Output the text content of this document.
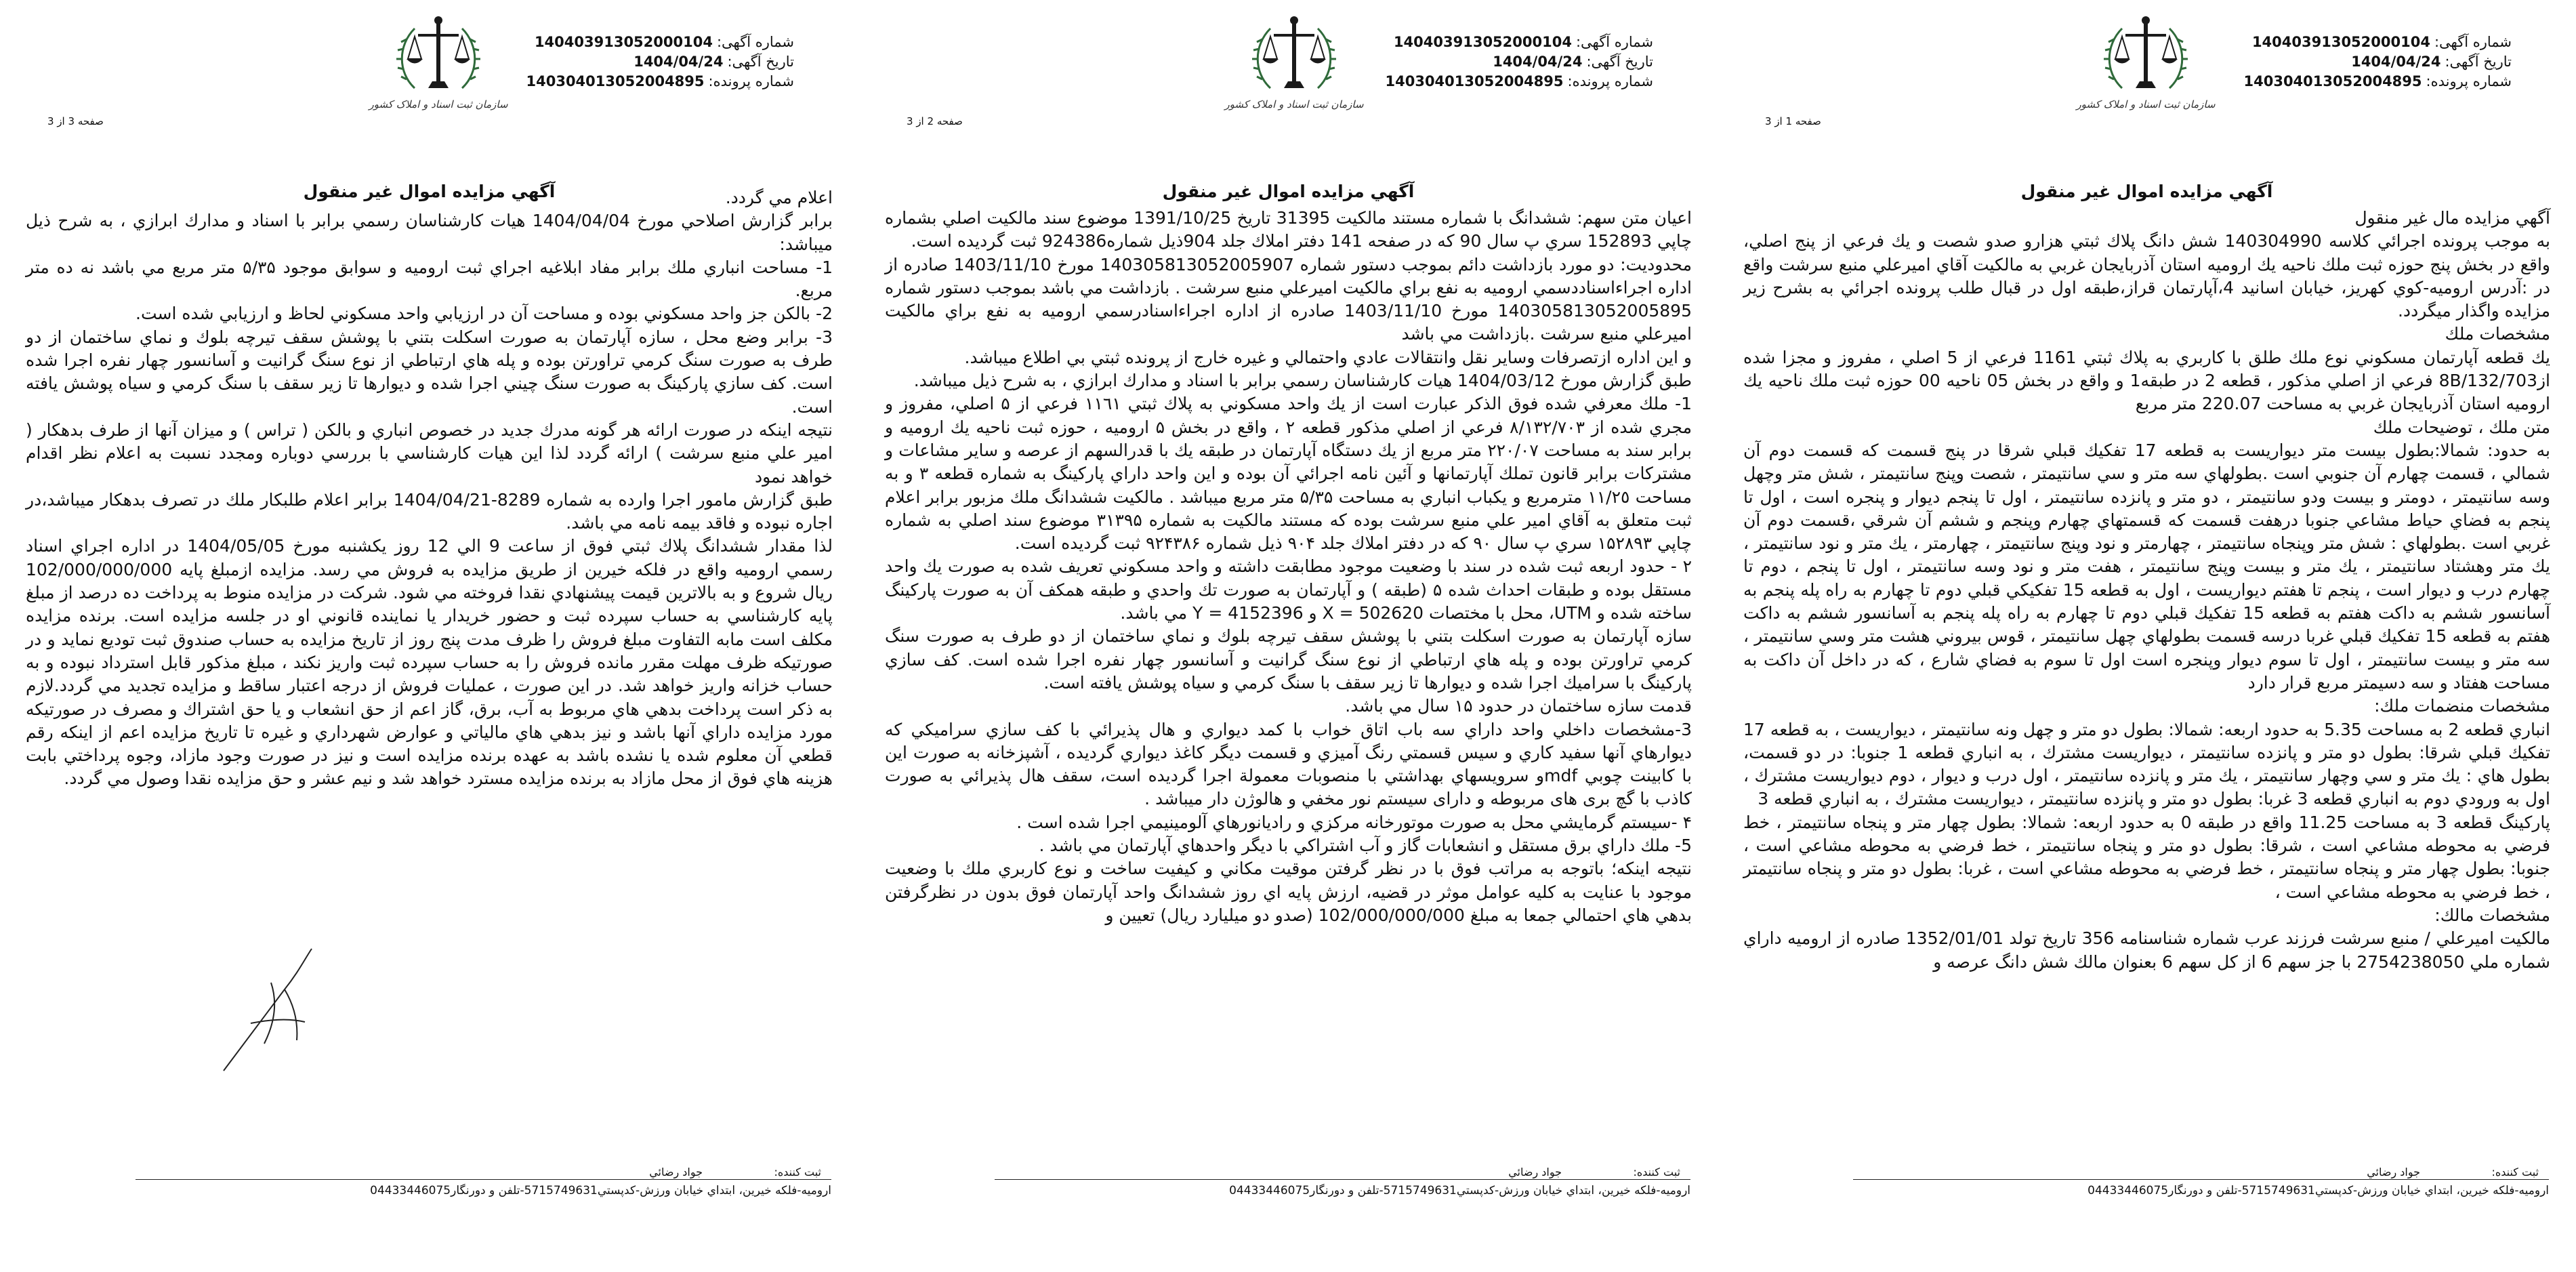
شماره آگهی:140403913052000104
تاریخ آگهی:1404/04/24
شماره پرونده:140304013052004895
سازمان ثبت اسناد و املاک کشور
صفحه 1 از 3
آگهي مزايده اموال غير منقول

آگهي مزايده مال غير منقول

به موجب پرونده اجرائي كلاسه 140304990 شش دانگ پلاك ثبتي هزارو صدو شصت و يك فرعي از پنج اصلي، واقع در بخش پنج حوزه ثبت ملك ناحيه يك اروميه استان آذربايجان غربي به مالكيت آقاي اميرعلي منبع سرشت واقع در :آدرس اروميه-كوي كهريز، خيابان اسانيد 4،آپارتمان قراز،طبقه اول در قبال طلب پرونده اجرائي به بشرح زير مزايده واگذار ميگردد.

مشخصات ملك

يك قطعه آپارتمان مسكوني نوع ملك طلق با كاربري به پلاك ثبتي 1161 فرعي از 5 اصلي ، مفروز و مجزا شده از8B/132/703 فرعي از اصلي مذكور ، قطعه 2 در طبقه1 و واقع در بخش 05 ناحيه 00 حوزه ثبت ملك ناحيه يك اروميه استان آذربايجان غربي به مساحت 220.07 متر مربع

متن ملك ، توضيحات ملك

به حدود: شمالا:بطول بيست متر ديواريست به قطعه 17 تفكيك قبلي شرقا در پنج قسمت كه قسمت دوم آن شمالي ، قسمت چهارم آن جنوبي است .بطولهاي سه متر و سي سانتيمتر ، شصت وپنج سانتيمتر ، شش متر وچهل وسه سانتيمتر ، دومتر و بيست ودو سانتيمتر ، دو متر و پانزده سانتيمتر ، اول تا پنجم ديوار و پنجره است ، اول تا پنجم به فضاي حياط مشاعي جنوبا درهفت قسمت كه قسمتهاي چهارم وپنجم و ششم آن شرقي ،قسمت دوم آن غربي است .بطولهاي : شش متر وپنجاه سانتيمتر ، چهارمتر و نود وپنج سانتيمتر ، چهارمتر ، يك متر و نود سانتيمتر ، يك متر وهشتاد سانتيمتر ، يك متر و بيست وپنج سانتيمتر ، هفت متر و نود وسه سانتيمتر ، اول تا پنجم ، دوم تا چهارم درب و ديوار است ، پنجم تا هفتم ديواريست ، اول به قطعه 15 تفكيكي قبلي دوم تا چهارم به راه پله پنجم به آسانسور ششم به داكت هفتم به قطعه 15 تفكيك قبلي دوم تا چهارم به راه پله پنجم به آسانسور ششم به داكت هفتم به قطعه 15 تفكيك قبلي غربا درسه قسمت بطولهاي چهل سانتيمتر ، قوس بيروني هشت متر وسي سانتيمتر ، سه متر و بيست سانتيمتر ، اول تا سوم ديوار وپنجره است اول تا سوم به فضاي شارع ، كه در داخل آن داكت به مساحت هفتاد و سه دسيمتر مربع قرار دارد

مشخصات منضمات ملك:

انباري قطعه 2 به مساحت 5.35 به حدود اربعه: شمالا: بطول دو متر و چهل ونه سانتيمتر ، ديواريست ، به قطعه 17 تفكيك قبلي شرقا: بطول دو متر و پانزده سانتيمتر ، ديواريست مشترك ، به انباري قطعه 1 جنوبا: در دو قسمت، بطول هاي : يك متر و سي وچهار سانتيمتر ، يك متر و پانزده سانتيمتر ، اول درب و ديوار ، دوم ديواريست مشترك ، اول به ورودي دوم به انباري قطعه 3 غربا: بطول دو متر و پانزده سانتيمتر ، ديواريست مشترك ، به انباري قطعه 3

پاركينگ قطعه 3 به مساحت 11.25 واقع در طبقه 0 به حدود اربعه: شمالا: بطول چهار متر و پنجاه سانتيمتر ، خط فرضي به محوطه مشاعي است ، شرقا: بطول دو متر و پنجاه سانتيمتر ، خط فرضي به محوطه مشاعي است ، جنوبا: بطول چهار متر و پنجاه سانتيمتر ، خط فرضي به محوطه مشاعي است ، غربا: بطول دو متر و پنجاه سانتيمتر ، خط فرضي به محوطه مشاعي است ،

مشخصات مالك:

مالكيت اميرعلي / منبع سرشت فرزند عرب شماره شناسنامه 356 تاريخ تولد 1352/01/01 صادره از اروميه داراي شماره ملي 2754238050 با جز سهم 6 از كل سهم 6 بعنوان مالك شش دانگ عرصه و

ثبت کننده:
جواد رضائي
اروميه-فلكه خيرين، ابتداي خيابان ورزش-كدپستي5715749631-تلفن و دورنگار04433446075
شماره آگهی:140403913052000104
تاریخ آگهی:1404/04/24
شماره پرونده:140304013052004895
سازمان ثبت اسناد و املاک کشور
صفحه 2 از 3
آگهي مزايده اموال غير منقول

اعيان متن سهم: ششدانگ با شماره مستند مالكيت 31395 تاريخ 1391/10/25 موضوع سند مالكيت اصلي بشماره چاپي 152893 سري پ سال 90 كه در صفحه 141 دفتر املاك جلد 904ذيل شماره924386 ثبت گرديده است.

محدوديت: دو مورد بازداشت دائم بموجب دستور شماره 140305813052005907 مورخ 1403/11/10 صادره از اداره اجراءاسناددسمي اروميه به نفع براي مالكيت اميرعلي منبع سرشت . بازداشت مي باشد بموجب دستور شماره 140305813052005895 مورخ 1403/11/10 صادره از اداره اجراءاسنادرسمي اروميه به نفع براي مالكيت اميرعلي منبع سرشت .بازداشت مي باشد

و اين اداره ازتصرفات وساير نقل وانتقالات عادي واحتمالي و غيره خارج از پرونده ثبتي بي اطلاع ميباشد.

طبق گزارش مورخ 1404/03/12 هيات كارشناسان رسمي برابر با اسناد و مدارك ابرازي ، به شرح ذيل ميباشد.

1- ملك معرفي شده فوق الذكر عبارت است از يك واحد مسكوني به پلاك ثبتي ١١٦١ فرعي از ۵ اصلي، مفروز و مجري شده از ٨/١٣٢/٧٠٣ فرعي از اصلي مذكور قطعه ٢ ، واقع در بخش ۵ اروميه ، حوزه ثبت ناحيه يك اروميه و برابر سند به مساحت ٢٢٠/٠٧ متر مربع از يك دستگاه آپارتمان در طبقه يك با قدرالسهم از عرصه و ساير مشاعات و مشتركات برابر قانون تملك آپارتمانها و آئين نامه اجرائي آن بوده و اين واحد داراي پاركينگ به شماره قطعه ٣ و به مساحت ١١/٢٥ مترمربع و يكباب انباري به مساحت ۵/٣۵ متر مربع ميباشد . مالكيت ششدانگ ملك مزبور برابر اعلام ثبت متعلق به آقاي امير علي منبع سرشت بوده كه مستند مالكيت به شماره ٣١٣٩۵ موضوع سند اصلي به شماره چاپي ١۵٢٨٩٣ سري پ سال ٩٠ كه در دفتر املاك جلد ٩٠۴ ذيل شماره ٩٢۴٣٨۶ ثبت گرديده است.

٢ - حدود اربعه ثبت شده در سند با وضعيت موجود مطابقت داشته و واحد مسكوني تعريف شده به صورت يك واحد مستقل بوده و طبقات احداث شده ۵ (طبقه ) و آپارتمان به صورت تك واحدي و طبقه همكف آن به صورت پاركينگ ساخته شده و UTM، محل با مختصات 502620 = X و 4152396 = Y مي باشد.

سازه آپارتمان به صورت اسكلت بتني با پوشش سقف تيرچه بلوك و نماي ساختمان از دو طرف به صورت سنگ كرمي تراورتن بوده و پله هاي ارتباطي از نوع سنگ گرانيت و آسانسور چهار نفره اجرا شده است. كف سازي پاركينگ با سراميك اجرا شده و ديوارها تا زير سقف با سنگ كرمي و سياه پوشش يافته است.

قدمت سازه ساختمان در حدود ١۵ سال مي باشد.

3-مشخصات داخلي واحد داراي سه باب اتاق خواب با كمد ديواري و هال پذيرائي با كف سازي سراميكي كه ديوارهاي آنها سفيد كاري و سيس قسمتي رنگ آميزي و قسمت ديگر كاغذ ديواري گرديده ، آشپزخانه به صورت اين با كابينت چوبي mdfو سرويسهاي بهداشتي با منصوبات معمولة اجرا گرديده است، سقف هال پذيرائي به صورت كاذب با گچ برى هاى مربوطه و داراى سيستم نور مخفي و هالوژن دار ميباشد .

۴ -سيستم گرمايشي محل به صورت موتورخانه مركزي و راديانورهاي آلومينيمي اجرا شده است .

5- ملك داراي برق مستقل و انشعابات گاز و آب اشتراكي با ديگر واحدهاي آپارتمان مي باشد .

نتيجه اينكه؛ باتوجه به مراتب فوق با در نظر گرفتن موقيت مكاني و كيفيت ساخت و نوع كاربري ملك با وضعيت موجود با عنايت به كليه عوامل موثر در قضيه، ارزش پايه اي روز ششدانگ واحد آپارتمان فوق بدون در نظرگرفتن بدهي هاي احتمالي جمعا به مبلغ 102/000/000/000 (صدو دو ميليارد ريال) تعيين و

ثبت کننده:
جواد رضائي
اروميه-فلكه خيرين، ابتداي خيابان ورزش-كدپستي5715749631-تلفن و دورنگار04433446075
شماره آگهی:140403913052000104
تاریخ آگهی:1404/04/24
شماره پرونده:140304013052004895
سازمان ثبت اسناد و املاک کشور
صفحه 3 از 3
آگهي مزايده اموال غير منقول	اعلام مي گردد.

برابر گزارش اصلاحي مورخ 1404/04/04 هيات كارشناسان رسمي برابر با اسناد و مدارك ابرازي ، به شرح ذيل ميباشد:

1- مساحت انباري ملك برابر مفاد ابلاغيه اجراي ثبت اروميه و سوابق موجود ۵/٣۵ متر مربع مي باشد نه ده متر مربع.

2- بالكن جز واحد مسكوني بوده و مساحت آن در ارزيابي واحد مسكوني لحاظ و ارزيابي شده است.

3- برابر وضع محل ، سازه آپارتمان به صورت اسكلت بتني با پوشش سقف تيرچه بلوك و نماي ساختمان از دو طرف به صورت سنگ كرمي تراورتن بوده و پله هاي ارتباطي از نوع سنگ گرانيت و آسانسور چهار نفره اجرا شده است. كف سازي پاركينگ به صورت سنگ چيني اجرا شده و ديوارها تا زير سقف با سنگ كرمي و سياه پوشش يافته است.

نتيجه اينكه در صورت ارائه هر گونه مدرك جديد در خصوص انباري و بالكن ( تراس ) و ميزان آنها از طرف بدهكار ( امير علي منبع سرشت ) ارائه گردد لذا اين هيات كارشناسي با بررسي دوباره ومجدد نسبت به اعلام نظر اقدام خواهد نمود

طبق گزارش مامور اجرا وارده به شماره 8289-1404/04/21 برابر اعلام طلبكار ملك در تصرف بدهكار ميباشد،در اجاره نبوده و فاقد بيمه نامه مي باشد.

لذا مقدار ششدانگ پلاك ثبتي فوق از ساعت 9 الي 12 روز يكشنبه مورخ 1404/05/05 در اداره اجراي اسناد رسمي اروميه واقع در فلكه خيرين از طريق مزايده به فروش مي رسد. مزايده ازمبلغ پايه 102/000/000/000 ريال شروع و به بالاترين قيمت پيشنهادي نقدا فروخته مي شود. شركت در مزايده منوط به پرداخت ده درصد از مبلغ پايه كارشناسي به حساب سپرده ثبت و حضور خريدار يا نماينده قانوني او در جلسه مزايده است. برنده مزايده مكلف است مابه التفاوت مبلغ فروش را ظرف مدت پنج روز از تاريخ مزايده به حساب صندوق ثبت توديع نمايد و در صورتيكه ظرف مهلت مقرر مانده فروش را به حساب سپرده ثبت واريز نكند ، مبلغ مذكور قابل استرداد نبوده و به حساب خزانه واريز خواهد شد. در اين صورت ، عمليات فروش از درجه اعتبار ساقط و مزايده تجديد مي گردد.لازم به ذكر است پرداخت بدهي هاي مربوط به آب، برق، گاز اعم از حق انشعاب و يا حق اشتراك و مصرف در صورتيكه مورد مزايده داراي آنها باشد و نيز بدهي هاي مالياتي و عوارض شهرداري و غيره تا تاريخ مزايده اعم از اينكه رقم قطعي آن معلوم شده يا نشده باشد به عهده برنده مزايده است و نيز در صورت وجود مازاد، وجوه پرداختي بابت هزينه هاي فوق از محل مازاد به برنده مزايده مسترد خواهد شد و نيم عشر و حق مزايده نقدا وصول مي گردد.

ثبت کننده:
جواد رضائي
اروميه-فلكه خيرين، ابتداي خيابان ورزش-كدپستي5715749631-تلفن و دورنگار04433446075
